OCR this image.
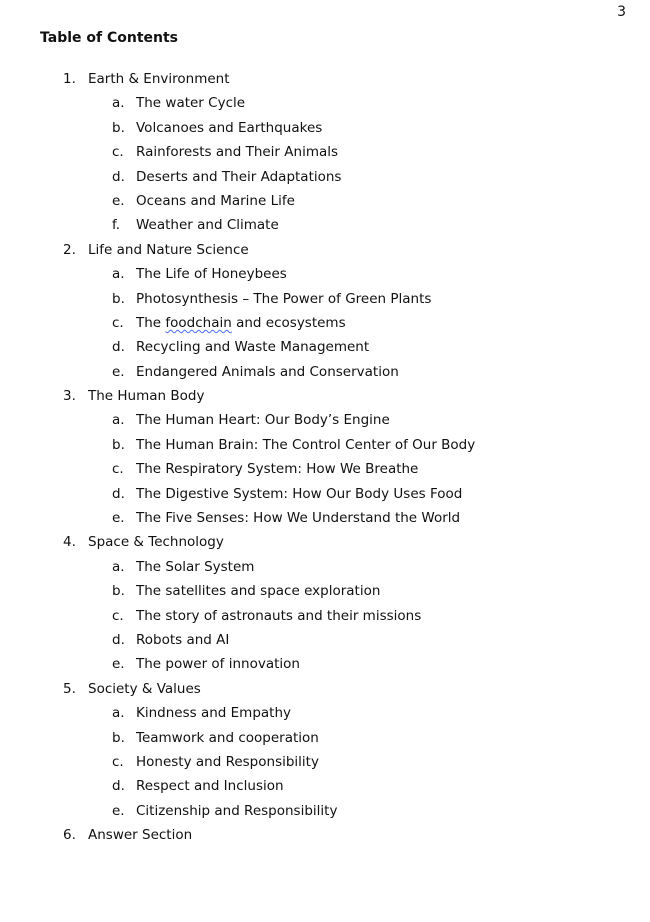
3
Table of Contents
1. Earth & Environment
a. The water Cycle
b. Volcanoes and Earthquakes
c. Rainforests and Their Animals
d. Deserts and Their Adaptations
e. Oceans and Marine Life
f. Weather and Climate
2. Life and Nature Science
a. The Life of Honeybees
b. Photosynthesis – The Power of Green Plants
c. The foodchain and ecosystems
d. Recycling and Waste Management
e. Endangered Animals and Conservation
3. The Human Body
a. The Human Heart: Our Body’s Engine
b. The Human Brain: The Control Center of Our Body
c. The Respiratory System: How We Breathe
d. The Digestive System: How Our Body Uses Food
e. The Five Senses: How We Understand the World
4. Space & Technology
a. The Solar System
b. The satellites and space exploration
c. The story of astronauts and their missions
d. Robots and AI
e. The power of innovation
5. Society & Values
a. Kindness and Empathy
b. Teamwork and cooperation
c. Honesty and Responsibility
d. Respect and Inclusion
e. Citizenship and Responsibility
6. Answer Section
